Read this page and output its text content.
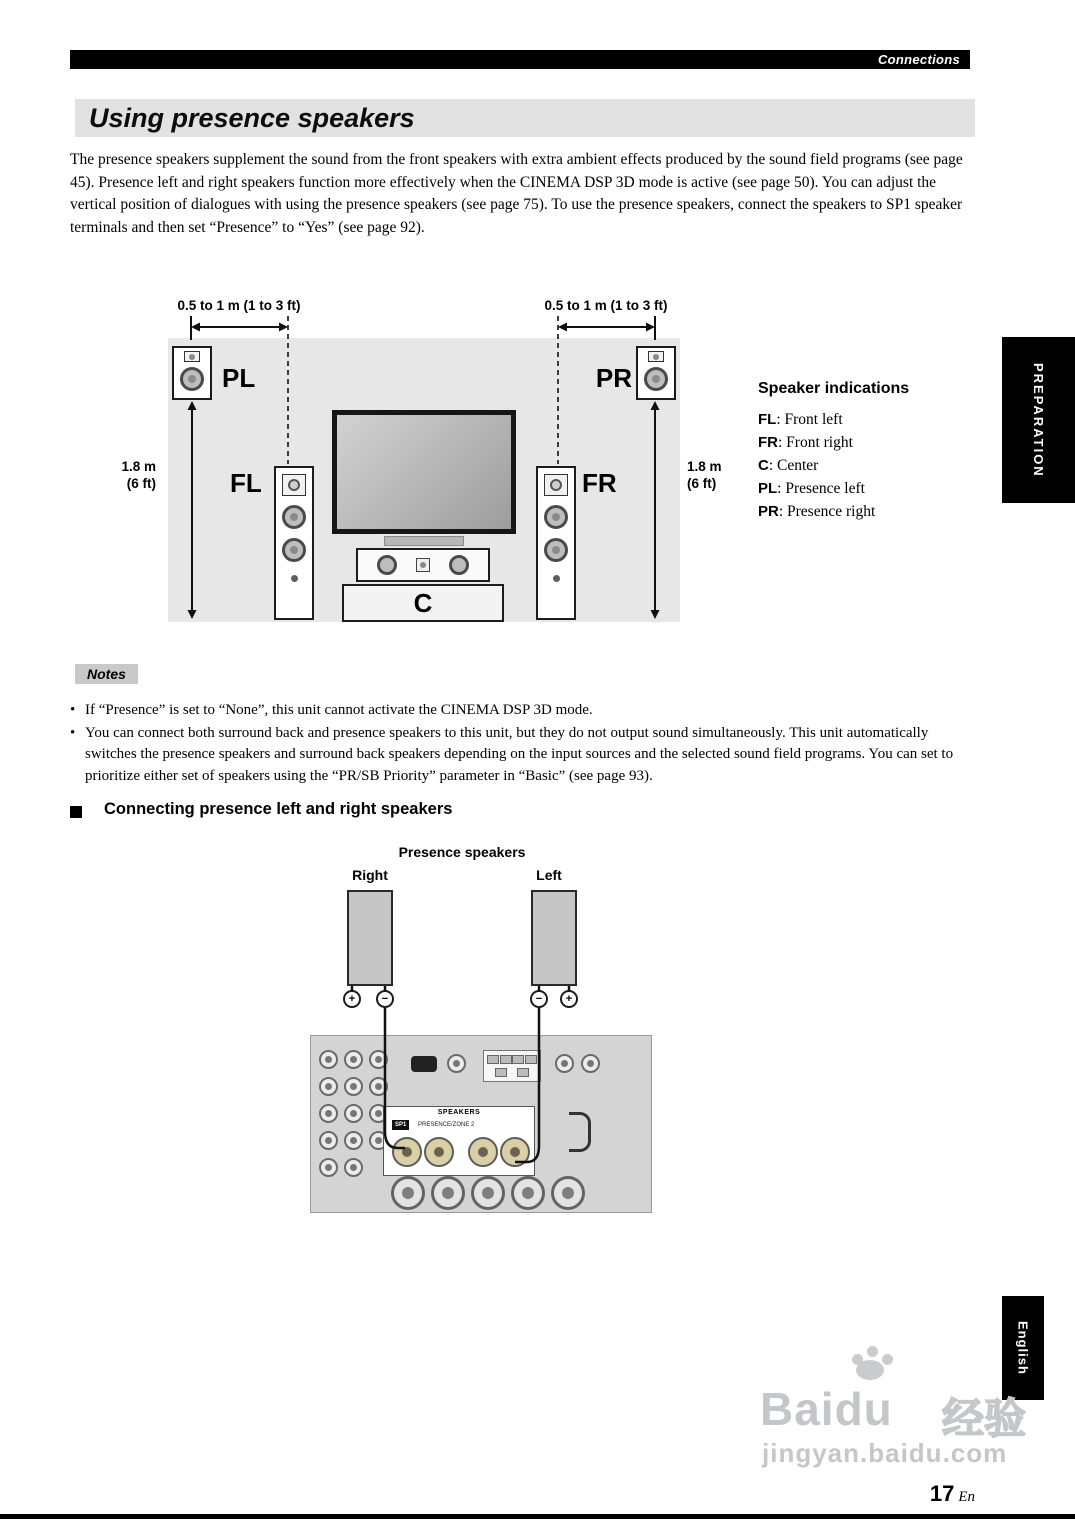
Connections
Using presence speakers
The presence speakers supplement the sound from the front speakers with extra ambient effects produced by the sound field programs (see page 45). Presence left and right speakers function more effectively when the CINEMA DSP 3D mode is active (see page 50). You can adjust the vertical position of dialogues with using the presence speakers (see page 75). To use the presence speakers, connect the speakers to SP1 speaker terminals and then set “Presence” to “Yes” (see page 92).
0.5 to 1 m (1 to 3 ft)	0.5 to 1 m (1 to 3 ft)
1.8 m
(6 ft)
1.8 m
(6 ft)
PL	PR
FL	FR
C
Speaker indications
FL: Front left
FR: Front right
C: Center
PL: Presence left
PR: Presence right
Notes
• If “Presence” is set to “None”, this unit cannot activate the CINEMA DSP 3D mode.
• You can connect both surround back and presence speakers to this unit, but they do not output sound simultaneously. This unit automatically switches the presence speakers and surround back speakers depending on the input sources and the selected sound field programs. You can set to prioritize either set of speakers using the “PR/SB Priority” parameter in “Basic” (see page 93).
Connecting presence left and right speakers
Presence speakers
Right	Left
+	−	−	+
SPEAKERS
SP1	PRESENCE/ZONE 2
PREPARATION
English
Baidu 经验
jingyan.baidu.com
17 En
